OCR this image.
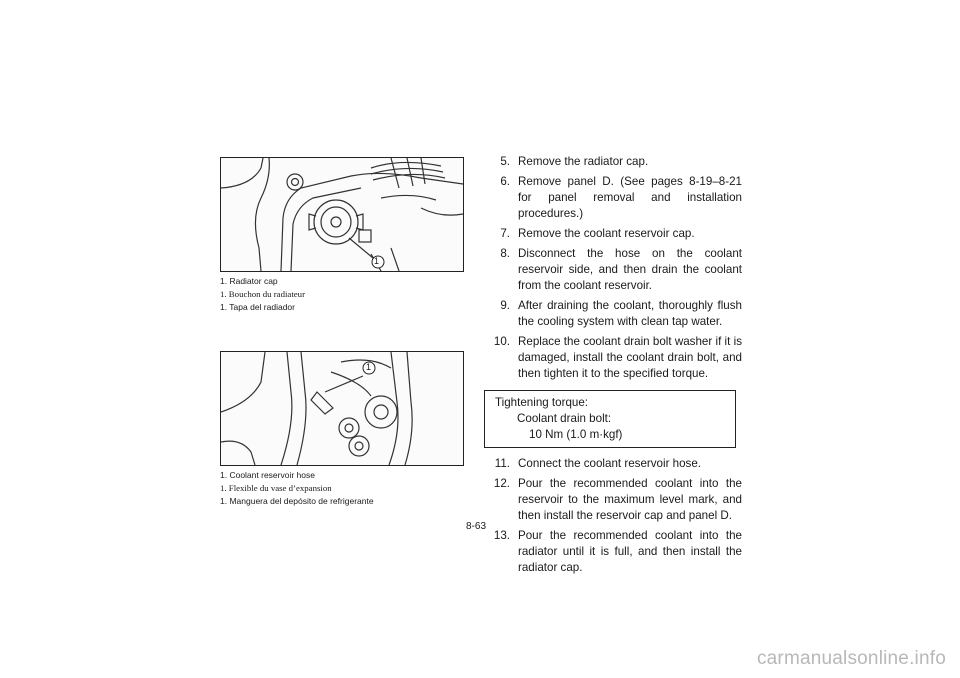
1
1. Radiator cap
1. Bouchon du radiateur
1. Tapa del radiador
1
1. Coolant reservoir hose
1. Flexible du vase d’expansion
1. Manguera del depósito de refrigerante
5. Remove the radiator cap.
6. Remove panel D. (See pages 8-19–8-21 for panel removal and installation procedures.)
7. Remove the coolant reservoir cap.
8. Disconnect the hose on the coolant reservoir side, and then drain the coolant from the coolant reservoir.
9. After draining the coolant, thoroughly flush the cooling system with clean tap water.
10. Replace the coolant drain bolt washer if it is damaged, install the coolant drain bolt, and then tighten it to the specified torque.
Tightening torque:
Coolant drain bolt:
10 Nm (1.0 m·kgf)
11. Connect the coolant reservoir hose.
12. Pour the recommended coolant into the reservoir to the maximum level mark, and then install the reservoir cap and panel D.
13. Pour the recommended coolant into the radiator until it is full, and then install the radiator cap.
8-63
carmanualsonline.info
